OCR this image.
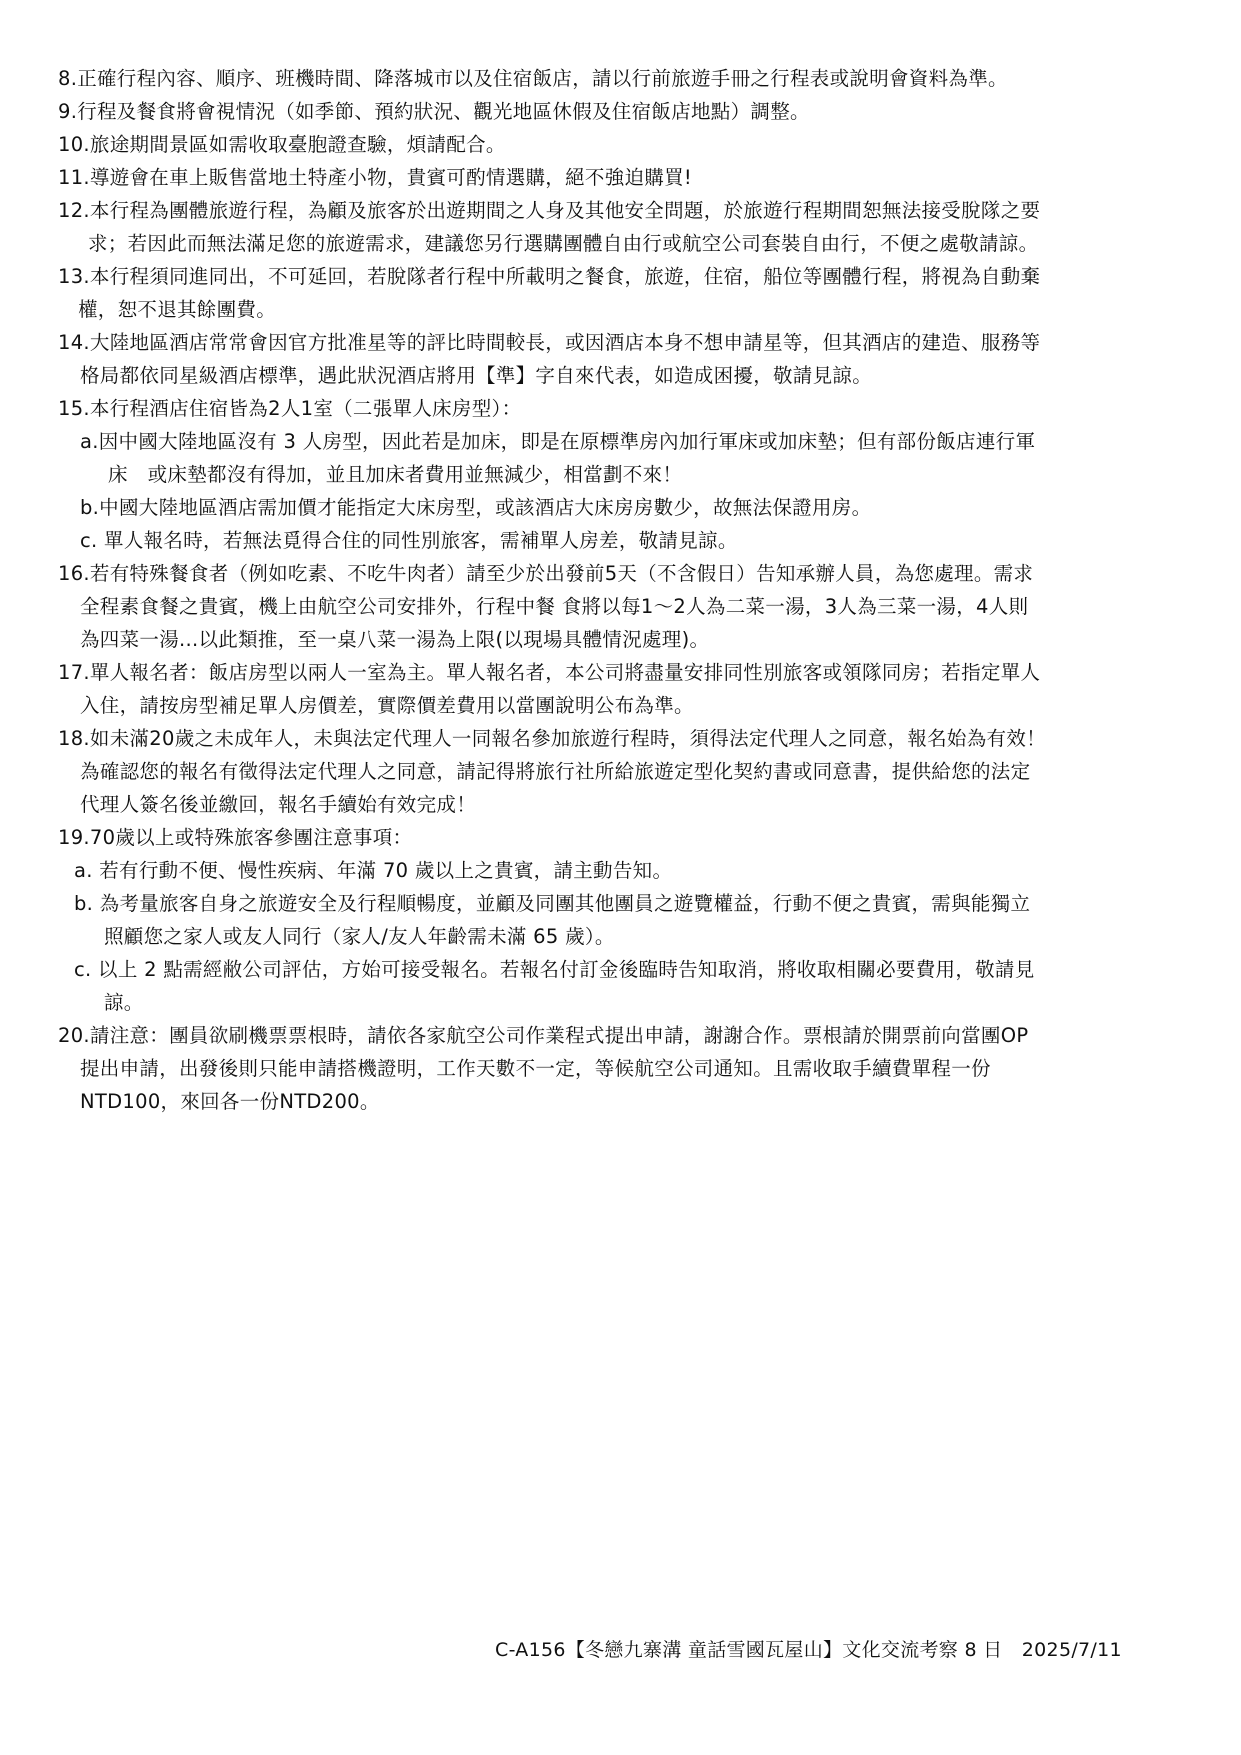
8.正確行程內容、順序、班機時間、降落城市以及住宿飯店，請以行前旅遊手冊之行程表或說明會資料為準。
9.行程及餐食將會視情況（如季節、預約狀況、觀光地區休假及住宿飯店地點）調整。
10.旅途期間景區如需收取臺胞證查驗，煩請配合。
11.導遊會在車上販售當地土特產小物，貴賓可酌情選購，絕不強迫購買!
12.本行程為團體旅遊行程，為顧及旅客於出遊期間之人身及其他安全問題，於旅遊行程期間恕無法接受脫隊之要
求；若因此而無法滿足您的旅遊需求，建議您另行選購團體自由行或航空公司套裝自由行，不便之處敬請諒。
13.本行程須同進同出，不可延回，若脫隊者行程中所載明之餐食，旅遊，住宿，船位等團體行程，將視為自動棄
權，恕不退其餘團費。
14.大陸地區酒店常常會因官方批准星等的評比時間較長，或因酒店本身不想申請星等，但其酒店的建造、服務等
格局都依同星級酒店標準，遇此狀況酒店將用【準】字自來代表，如造成困擾，敬請見諒。
15.本行程酒店住宿皆為2人1室（二張單人床房型）：
a.因中國大陸地區沒有 3 人房型，因此若是加床，即是在原標準房內加行軍床或加床墊；但有部份飯店連行軍
床　或床墊都沒有得加，並且加床者費用並無減少，相當劃不來！
b.中國大陸地區酒店需加價才能指定大床房型，或該酒店大床房房數少，故無法保證用房。
c. 單人報名時，若無法覓得合住的同性別旅客，需補單人房差，敬請見諒。
16.若有特殊餐食者（例如吃素、不吃牛肉者）請至少於出發前5天（不含假日）告知承辦人員，為您處理。需求
全程素食餐之貴賓，機上由航空公司安排外，行程中餐 食將以每1～2人為二菜一湯，3人為三菜一湯，4人則
為四菜一湯...以此類推，至一桌八菜一湯為上限(以現場具體情況處理)。
17.單人報名者：飯店房型以兩人一室為主。單人報名者，本公司將盡量安排同性別旅客或領隊同房；若指定單人
入住，請按房型補足單人房價差，實際價差費用以當團說明公布為準。
18.如未滿20歲之未成年人，未與法定代理人一同報名參加旅遊行程時，須得法定代理人之同意，報名始為有效！
為確認您的報名有徵得法定代理人之同意，請記得將旅行社所給旅遊定型化契約書或同意書，提供給您的法定
代理人簽名後並繳回，報名手續始有效完成！
19.70歲以上或特殊旅客參團注意事項：
a. 若有行動不便、慢性疾病、年滿 70 歲以上之貴賓，請主動告知。
b. 為考量旅客自身之旅遊安全及行程順暢度，並顧及同團其他團員之遊覽權益，行動不便之貴賓，需與能獨立
照顧您之家人或友人同行（家人/友人年齡需未滿 65 歲）。
c. 以上 2 點需經敝公司評估，方始可接受報名。若報名付訂金後臨時告知取消，將收取相關必要費用，敬請見
諒。
20.請注意：團員欲刷機票票根時，請依各家航空公司作業程式提出申請，謝謝合作。票根請於開票前向當團OP
提出申請，出發後則只能申請搭機證明，工作天數不一定，等候航空公司通知。且需收取手續費單程一份
NTD100，來回各一份NTD200。
C-A156【冬戀九寨溝 童話雪國瓦屋山】文化交流考察 8 日　2025/7/11
